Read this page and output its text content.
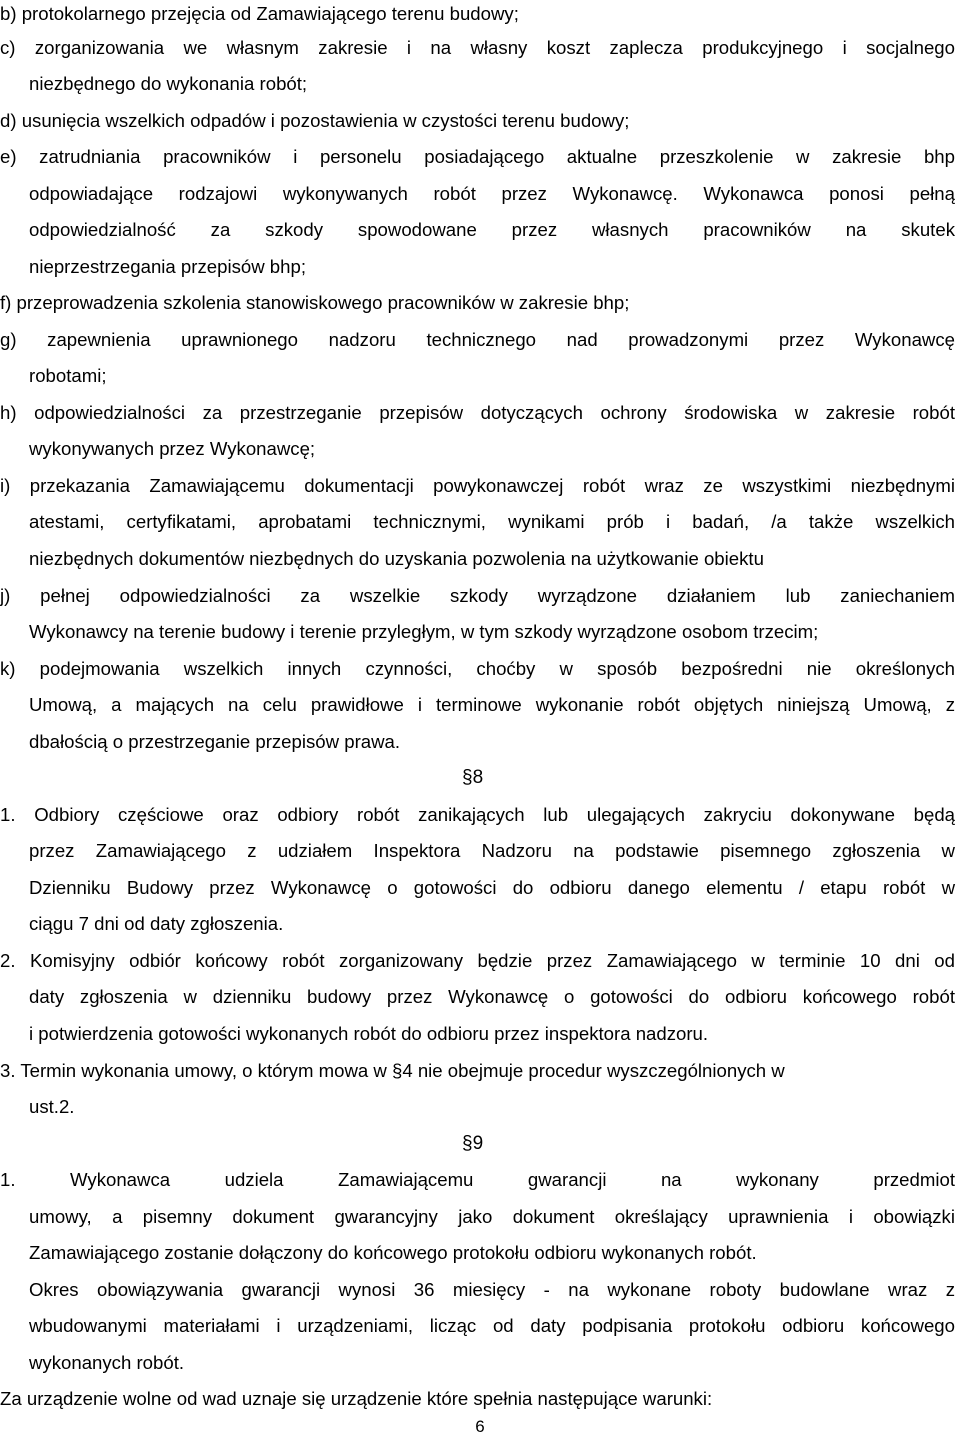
b) protokolarnego przejęcia od Zamawiającego terenu budowy;
c) zorganizowania we własnym zakresie i na własny koszt zaplecza produkcyjnego i socjalnego
niezbędnego do wykonania robót;
d) usunięcia wszelkich odpadów i pozostawienia w czystości terenu budowy;
e) zatrudniania pracowników i personelu posiadającego aktualne przeszkolenie w zakresie bhp
odpowiadające rodzajowi wykonywanych robót przez Wykonawcę. Wykonawca ponosi pełną
odpowiedzialność za szkody spowodowane przez własnych pracowników na skutek
nieprzestrzegania przepisów bhp;
f) przeprowadzenia szkolenia stanowiskowego pracowników w zakresie bhp;
g) zapewnienia uprawnionego nadzoru technicznego nad prowadzonymi przez Wykonawcę
robotami;
h) odpowiedzialności za przestrzeganie przepisów dotyczących ochrony środowiska w zakresie robót
wykonywanych przez Wykonawcę;
i) przekazania Zamawiającemu dokumentacji powykonawczej robót wraz ze wszystkimi niezbędnymi
atestami, certyfikatami, aprobatami technicznymi, wynikami prób i badań, /a także wszelkich
niezbędnych dokumentów niezbędnych do uzyskania pozwolenia na użytkowanie obiektu
j) pełnej odpowiedzialności za wszelkie szkody wyrządzone działaniem lub zaniechaniem
Wykonawcy na terenie budowy i terenie przyległym, w tym szkody wyrządzone osobom trzecim;
k) podejmowania wszelkich innych czynności, choćby w sposób bezpośredni nie określonych
Umową, a mających na celu prawidłowe i terminowe wykonanie robót objętych niniejszą Umową, z
dbałością o przestrzeganie przepisów prawa.
§8
1. Odbiory częściowe oraz odbiory robót zanikających lub ulegających zakryciu dokonywane będą
przez Zamawiającego z udziałem Inspektora Nadzoru na podstawie pisemnego zgłoszenia w
Dzienniku Budowy przez Wykonawcę o gotowości do odbioru danego elementu / etapu robót w
ciągu 7 dni od daty zgłoszenia.
2. Komisyjny odbiór końcowy robót zorganizowany będzie przez Zamawiającego w terminie 10 dni od
daty zgłoszenia w dzienniku budowy przez Wykonawcę o gotowości do odbioru końcowego robót
i potwierdzenia gotowości wykonanych robót do odbioru przez inspektora nadzoru.
3. Termin wykonania umowy, o którym mowa w §4 nie obejmuje procedur wyszczególnionych w
ust.2.
§9
1. Wykonawca udziela Zamawiającemu gwarancji na wykonany przedmiot
umowy, a pisemny dokument gwarancyjny jako dokument określający uprawnienia i obowiązki
Zamawiającego zostanie dołączony do końcowego protokołu odbioru wykonanych robót.
Okres obowiązywania gwarancji wynosi 36 miesięcy - na wykonane roboty budowlane wraz z
wbudowanymi materiałami i urządzeniami, licząc od daty podpisania protokołu odbioru końcowego
wykonanych robót.
Za urządzenie wolne od wad uznaje się urządzenie które spełnia następujące warunki:
6
